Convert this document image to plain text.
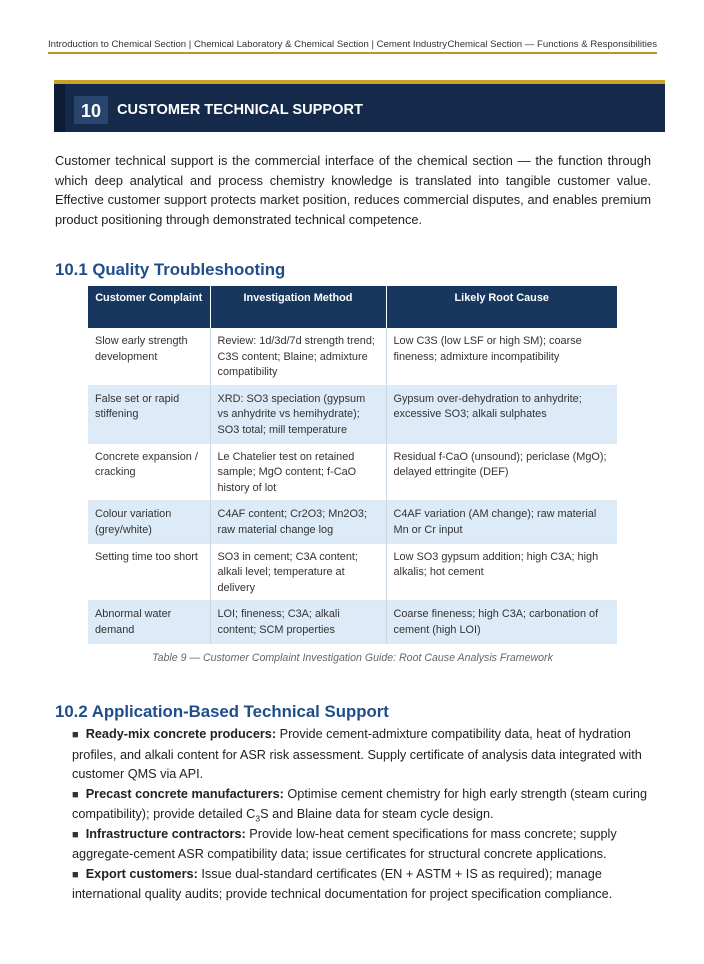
Introduction to Chemical Section | Chemical Laboratory & Chemical Section | Cement Industry Chemical Section — Functions & Responsibilities
10	CUSTOMER TECHNICAL SUPPORT

Customer technical support is the commercial interface of the chemical section — the function through which deep analytical and process chemistry knowledge is translated into tangible customer value. Effective customer support protects market position, reduces commercial disputes, and enables premium product positioning through demonstrated technical competence.

10.1 Quality Troubleshooting
Customer Complaint	Investigation Method	Likely Root Cause
Slow early strength development	Review: 1d/3d/7d strength trend; C3S content; Blaine; admixture compatibility	Low C3S (low LSF or high SM); coarse fineness; admixture incompatibility
False set or rapid stiffening	XRD: SO3 speciation (gypsum vs anhydrite vs hemihydrate); SO3 total; mill temperature	Gypsum over-dehydration to anhydrite; excessive SO3; alkali sulphates
Concrete expansion / cracking	Le Chatelier test on retained sample; MgO content; f-CaO history of lot	Residual f-CaO (unsound); periclase (MgO); delayed ettringite (DEF)
Colour variation (grey/white)	C4AF content; Cr2O3; Mn2O3; raw material change log	C4AF variation (AM change); raw material Mn or Cr input
Setting time too short	SO3 in cement; C3A content; alkali level; temperature at delivery	Low SO3 gypsum addition; high C3A; high alkalis; hot cement
Abnormal water demand	LOI; fineness; C3A; alkali content; SCM properties	Coarse fineness; high C3A; carbonation of cement (high LOI)
Table 9 — Customer Complaint Investigation Guide: Root Cause Analysis Framework
10.2 Application-Based Technical Support
■ Ready-mix concrete producers: Provide cement-admixture compatibility data, heat of hydration profiles, and alkali content for ASR risk assessment. Supply certificate of analysis data integrated with customer QMS via API.
■ Precast concrete manufacturers: Optimise cement chemistry for high early strength (steam curing compatibility); provide detailed $C_3S$ and Blaine data for steam cycle design.
■ Infrastructure contractors: Provide low-heat cement specifications for mass concrete; supply aggregate-cement ASR compatibility data; issue certificates for structural concrete applications.
■ Export customers: Issue dual-standard certificates (EN + ASTM + IS as required); manage international quality audits; provide technical documentation for project specification compliance.
